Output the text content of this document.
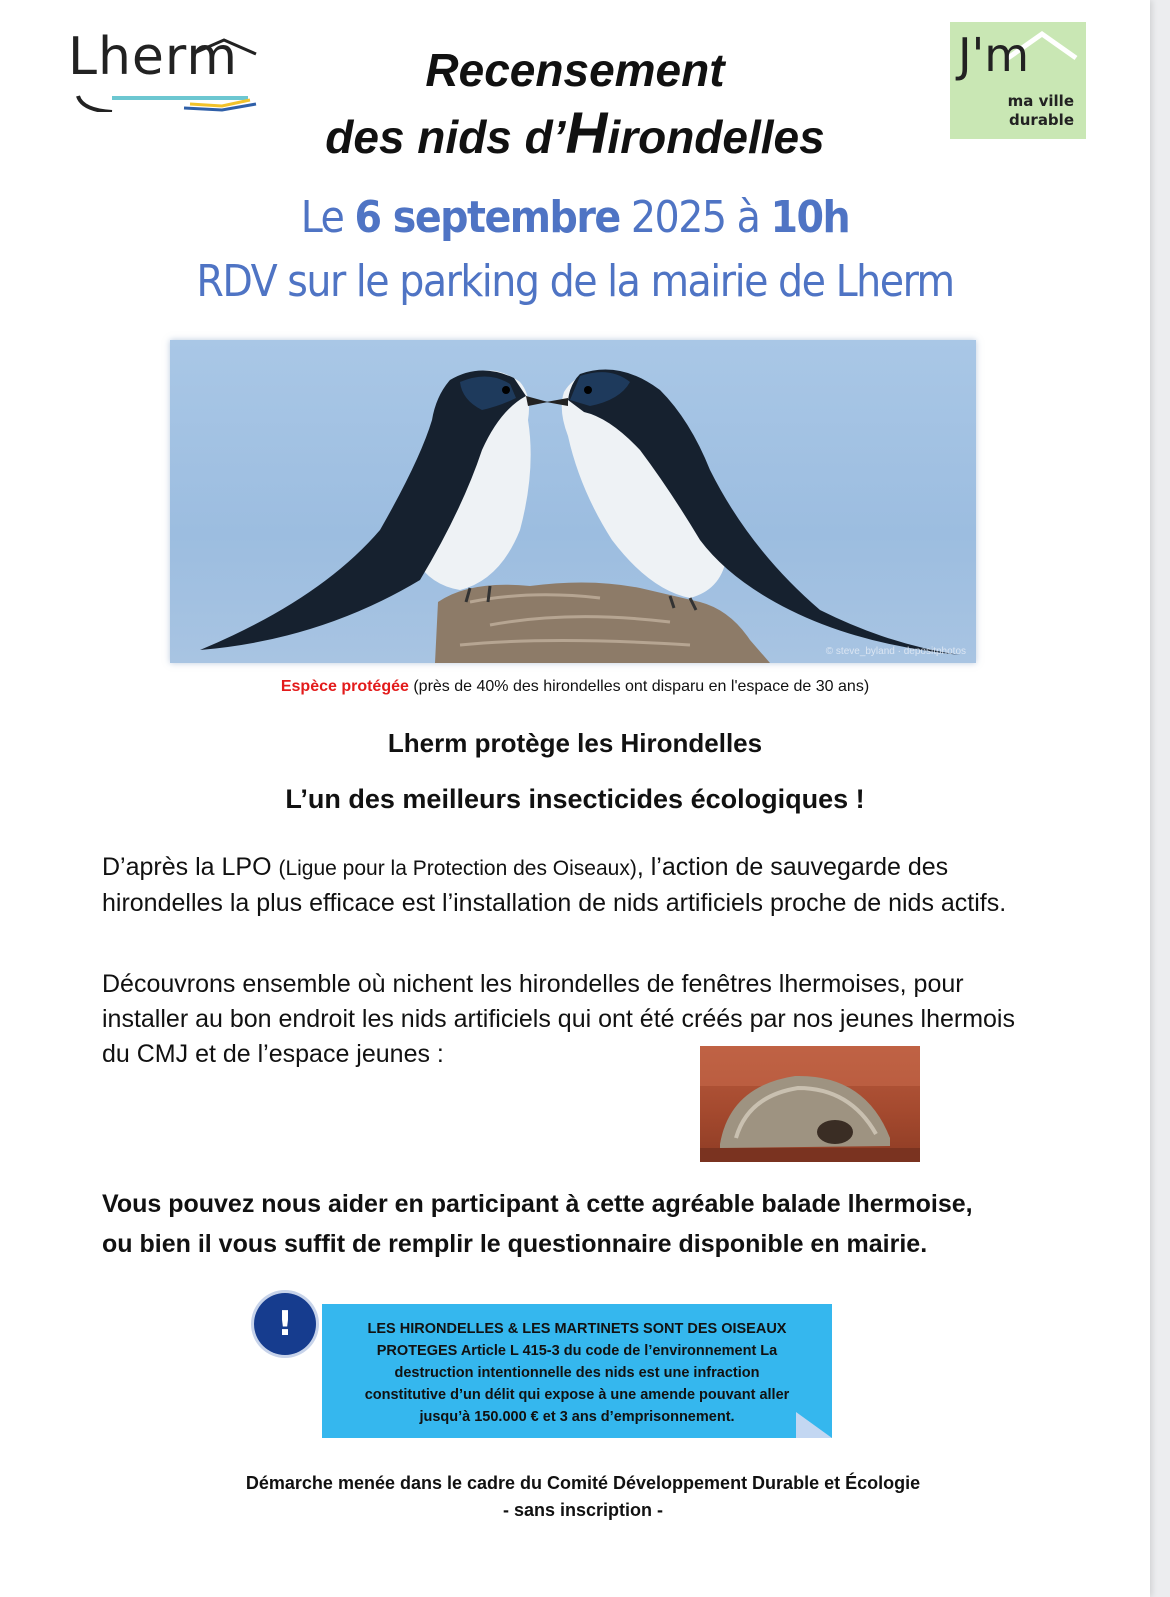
Lherm	J'm
ma ville
durable
Recensement
des nids d’Hirondelles
Le 6 septembre 2025 à 10h
RDV sur le parking de la mairie de Lherm
© steve_byland · depositphotos
Espèce protégée (près de 40% des hirondelles ont disparu en l'espace de 30 ans)
Lherm protège les Hirondelles
L’un des meilleurs insecticides écologiques !
D’après la LPO (Ligue pour la Protection des Oiseaux), l’action de sauvegarde des hirondelles la plus efficace est l’installation de nids artificiels proche de nids actifs.
Découvrons ensemble où nichent les hirondelles de fenêtres lhermoises, pour installer au bon endroit les nids artificiels qui ont été créés par nos jeunes lhermois du CMJ et de l’espace jeunes :
Vous pouvez nous aider en participant à cette agréable balade lhermoise,
ou bien il vous suffit de remplir le questionnaire disponible en mairie.
!	LES HIRONDELLES & LES MARTINETS SONT DES OISEAUX PROTEGES Article L 415-3 du code de l’environnement La destruction intentionnelle des nids est une infraction constitutive d’un délit qui expose à une amende pouvant aller jusqu’à 150.000 € et 3 ans d’emprisonnement.
Démarche menée dans le cadre du Comité Développement Durable et Écologie
- sans inscription -
